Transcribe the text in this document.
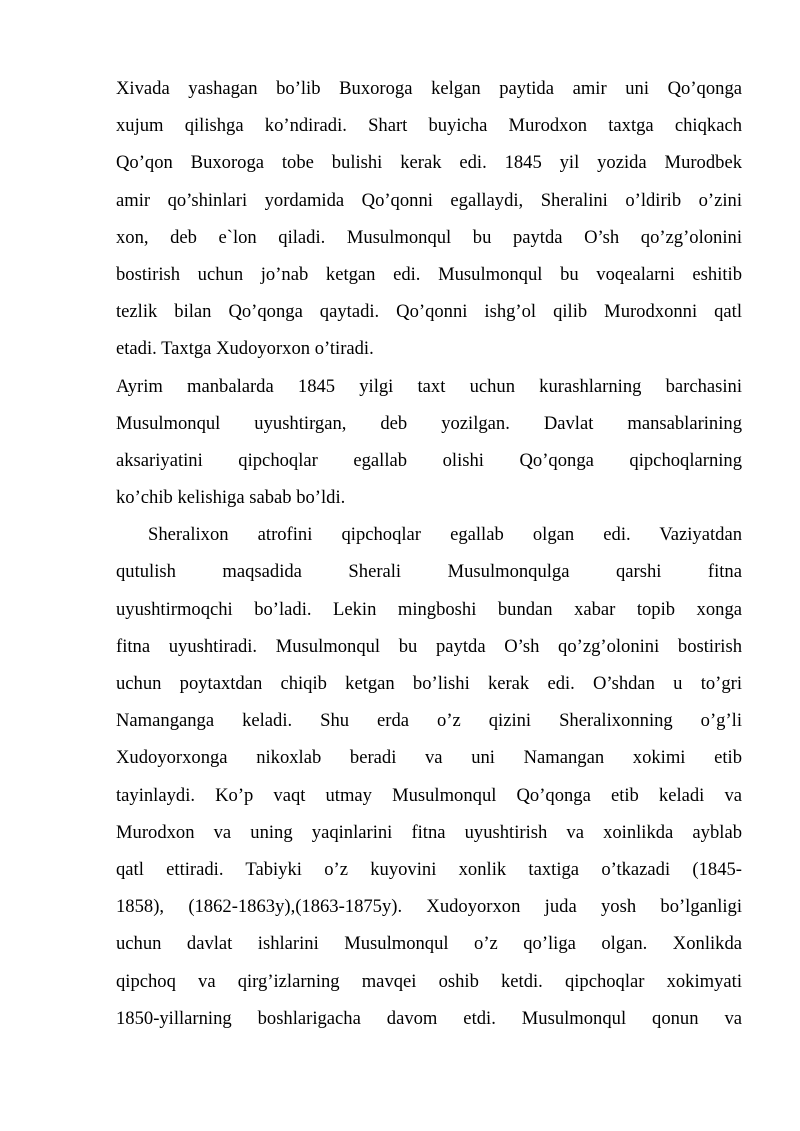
Xivada yashagan bo’lib Buxoroga kelgan paytida amir uni Qo’qonga
xujum qilishga ko’ndiradi. Shart buyicha Murodxon taxtga chiqkach
Qo’qon Buxoroga tobe bulishi kerak edi. 1845 yil yozida Murodbek
amir qo’shinlari yordamida Qo’qonni egallaydi, Sheralini o’ldirib o’zini
xon, deb e`lon qiladi. Musulmonqul bu paytda O’sh qo’zg’olonini
bostirish uchun jo’nab ketgan edi. Musulmonqul bu voqealarni eshitib
tezlik bilan Qo’qonga qaytadi. Qo’qonni ishg’ol qilib Murodxonni qatl
etadi. Taxtga Xudoyorxon o’tiradi.
Ayrim manbalarda 1845 yilgi taxt uchun kurashlarning barchasini
Musulmonqul uyushtirgan, deb yozilgan. Davlat mansablarining
aksariyatini qipchoqlar egallab olishi Qo’qonga qipchoqlarning
ko’chib kelishiga sabab bo’ldi.
Sheralixon atrofini qipchoqlar egallab olgan edi. Vaziyatdan
qutulish maqsadida Sherali Musulmonqulga qarshi fitna
uyushtirmoqchi bo’ladi. Lekin mingboshi bundan xabar topib xonga
fitna uyushtiradi. Musulmonqul bu paytda O’sh qo’zg’olonini bostirish
uchun poytaxtdan chiqib ketgan bo’lishi kerak edi. O’shdan u to’gri
Namanganga keladi. Shu erda o’z qizini Sheralixonning o’g’li
Xudoyorxonga nikoxlab beradi va uni Namangan xokimi etib
tayinlaydi. Ko’p vaqt utmay Musulmonqul Qo’qonga etib keladi va
Murodxon va uning yaqinlarini fitna uyushtirish va xoinlikda ayblab
qatl ettiradi. Tabiyki o’z kuyovini xonlik taxtiga o’tkazadi (1845-
1858), (1862-1863y),(1863-1875y). Xudoyorxon juda yosh bo’lganligi
uchun davlat ishlarini Musulmonqul o’z qo’liga olgan. Xonlikda
qipchoq va qirg’izlarning mavqei oshib ketdi. qipchoqlar xokimyati
1850-yillarning boshlarigacha davom etdi. Musulmonqul qonun va
